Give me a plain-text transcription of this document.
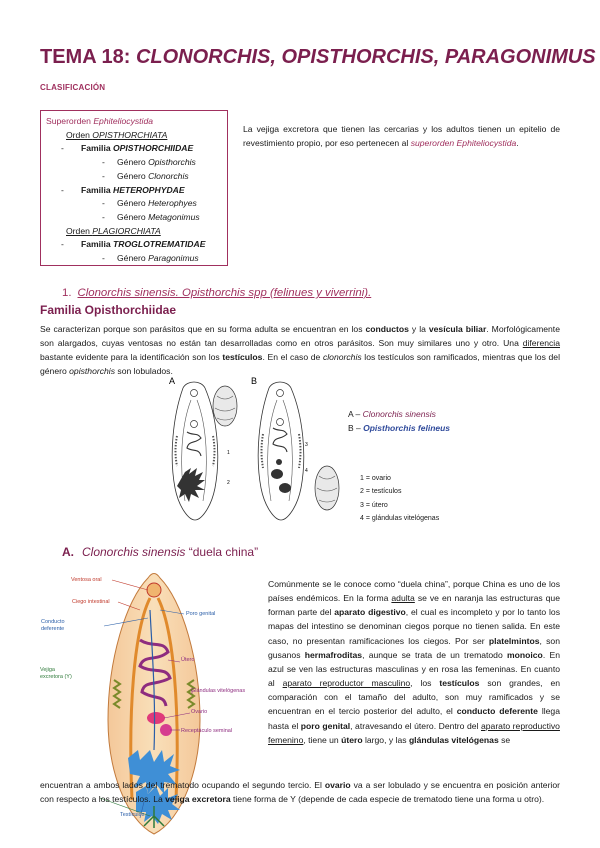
TEMA 18: CLONORCHIS, OPISTHORCHIS, PARAGONIMUS
CLASIFICACIÓN
Superorden Ephiteliocystida
Orden OPISTHORCHIATA
- Familia OPISTHORCHIIDAE
- Género Opisthorchis
- Género Clonorchis
- Familia HETEROPHYDAE
- Género Heterophyes
- Género Metagonimus
Orden PLAGIORCHIATA
- Familia TROGLOTREMATIDAE
- Género Paragonimus
La vejiga excretora que tienen las cercarias y los adultos tienen un epitelio de revestimiento propio, por eso pertenecen al superorden Ephiteliocystida.
1. Clonorchis sinensis. Opisthorchis spp (felinues y viverrini).
Familia Opisthorchiidae
Se caracterizan porque son parásitos que en su forma adulta se encuentran en los conductos y la vesícula biliar. Morfológicamente son alargados, cuyas ventosas no están tan desarrolladas como en otros parásitos. Son muy similares uno y otro. Una diferencia bastante evidente para la identificación son los testículos. En el caso de clonorchis los testículos son ramificados, mientras que los del género opisthorchis son lobulados.
A	B
1
2
3
4
A – Clonorchis sinensis
B – Opisthorchis felineus
1 = ovario
2 = testículos
3 = útero
4 = glándulas vitelógenas
A. Clonorchis sinensis “duela china”
Ventosa oral
Ciego intestinal
Conducto
deferente
Poro genital
Útero
Glándulas vitelógenas
Ovario
Receptáculo seminal
Vejiga
excretora (Y)
Testículos
Comúnmente se le conoce como “duela china”, porque China es uno de los países endémicos. En la forma adulta se ve en naranja las estructuras que forman parte del aparato digestivo, el cual es incompleto y por lo tanto los mapas del intestino se denominan ciegos porque no tienen salida. En este caso, no presentan ramificaciones los ciegos. Por ser platelmintos, son gusanos hermafroditas, aunque se trata de un trematodo monoico. En azul se ven las estructuras masculinas y en rosa las femeninas. En cuanto al aparato reproductor masculino, los testículos son grandes, en comparación con el tamaño del adulto, son muy ramificados y se encuentran en el tercio posterior del adulto, el conducto deferente llega hasta el poro genital, atravesando el útero. Dentro del aparato reproductivo femenino, tiene un útero largo, y las glándulas vitelógenas se
encuentran a ambos lados del trematodo ocupando el segundo tercio. El ovario va a ser lobulado y se encuentra en posición anterior con respecto a los testículos. La vejiga excretora tiene forma de Y (depende de cada especie de trematodo tiene una forma u otro).
